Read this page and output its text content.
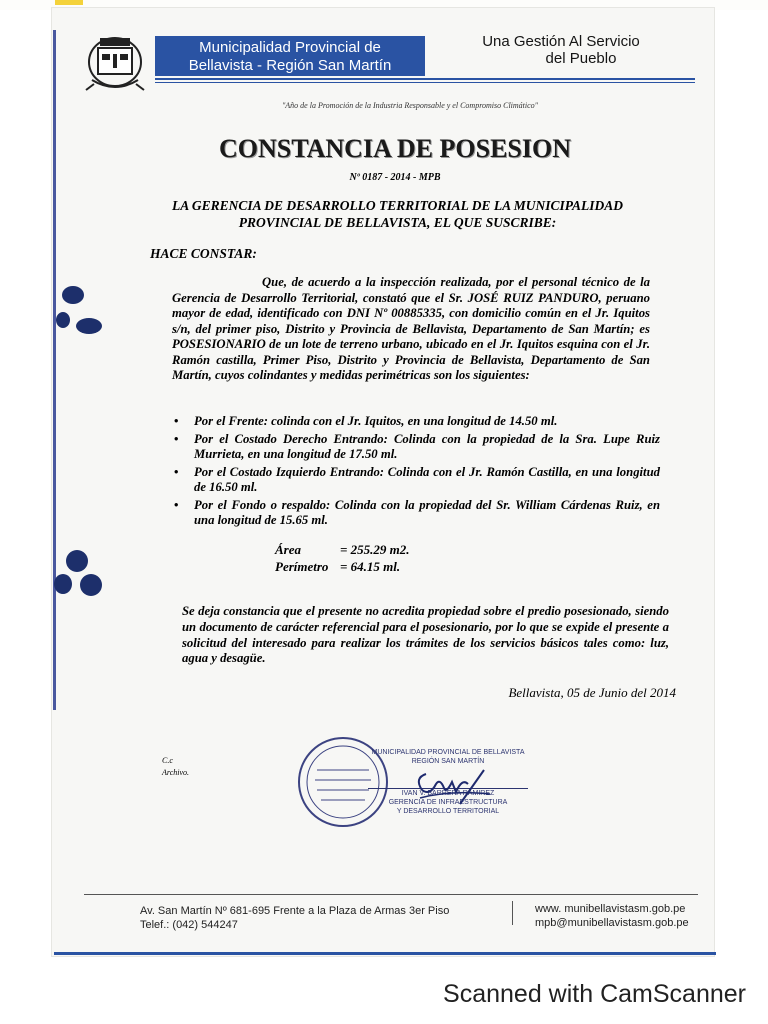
Municipalidad Provincial de
Bellavista - Región San Martín
Una Gestión Al Servicio
del Pueblo
"Año de la Promoción de la Industria Responsable y el Compromiso Climático"
CONSTANCIA DE POSESION
Nº 0187 - 2014 - MPB
LA GERENCIA DE DESARROLLO TERRITORIAL DE LA MUNICIPALIDAD
PROVINCIAL DE BELLAVISTA, EL QUE SUSCRIBE:
HACE CONSTAR:
Que, de acuerdo a la inspección realizada, por el personal técnico de la Gerencia de Desarrollo Territorial, constató que el Sr. JOSÉ RUIZ PANDURO, peruano mayor de edad, identificado con DNI Nº 00885335, con domicilio común en el Jr. Iquitos s/n, del primer piso, Distrito y Provincia de Bellavista, Departamento de San Martín; es POSESIONARIO de un lote de terreno urbano, ubicado en el Jr. Iquitos esquina con el Jr. Ramón castilla, Primer Piso, Distrito y Provincia de Bellavista, Departamento de San Martín, cuyos colindantes y medidas perimétricas son los siguientes:
• Por el Frente: colinda con el Jr. Iquitos, en una longitud de 14.50 ml.
• Por el Costado Derecho Entrando: Colinda con la propiedad de la Sra. Lupe Ruiz Murrieta, en una longitud de 17.50 ml.
• Por el Costado Izquierdo Entrando: Colinda con el Jr. Ramón Castilla, en una longitud de 16.50 ml.
• Por el Fondo o respaldo: Colinda con la propiedad del Sr. William Cárdenas Ruiz, en una longitud de 15.65 ml.
Área	= 255.29 m2.
Perímetro = 64.15 ml.
Se deja constancia que el presente no acredita propiedad sobre el predio posesionado, siendo un documento de carácter referencial para el posesionario, por lo que se expide el presente a solicitud del interesado para realizar los trámites de los servicios básicos tales como: luz, agua y desagüe.
Bellavista, 05 de Junio del 2014
C.c
Archivo.
MUNICIPALIDAD PROVINCIAL DE BELLAVISTA
REGIÓN SAN MARTÍN
IVAN V. BARRERA RAMIREZ
GERENCIA DE INFRAESTRUCTURA
Y DESARROLLO TERRITORIAL
Av. San Martín Nº 681-695 Frente a la Plaza de Armas 3er Piso
Telef.: (042) 544247
www. munibellavistasm.gob.pe
mpb@munibellavistasm.gob.pe
Scanned with CamScanner
